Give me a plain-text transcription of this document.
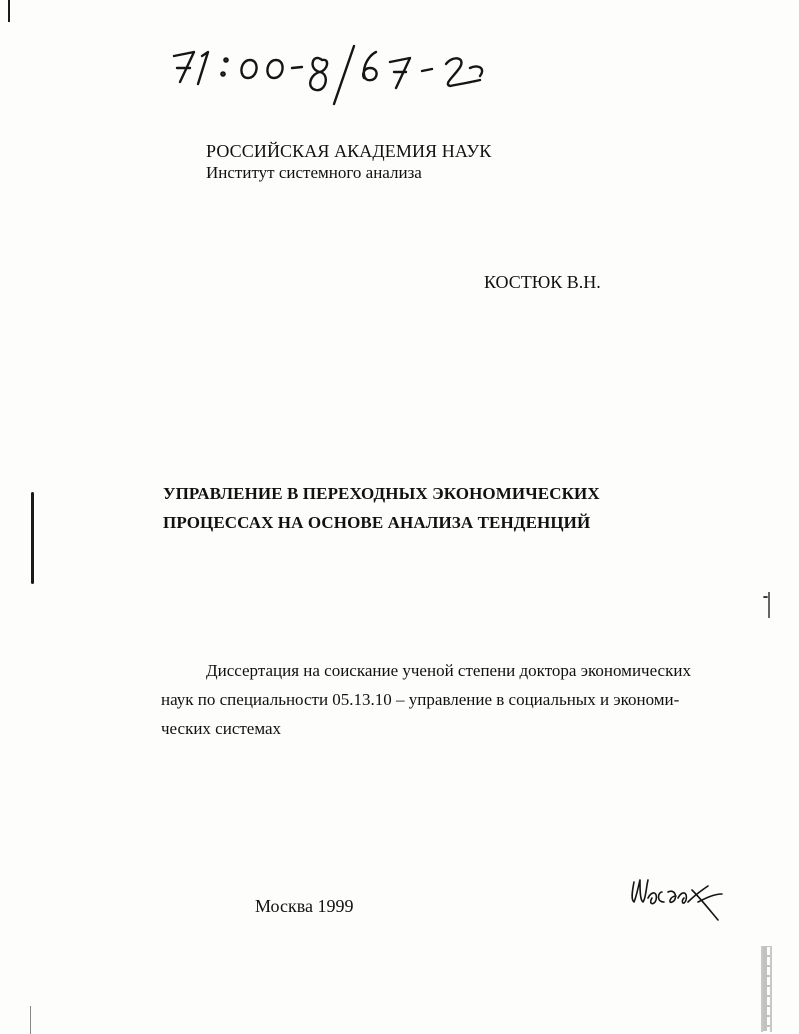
РОССИЙСКАЯ АКАДЕМИЯ НАУК
Институт системного анализа
КОСТЮК В.Н.
УПРАВЛЕНИЕ В ПЕРЕХОДНЫХ ЭКОНОМИЧЕСКИХ
ПРОЦЕССАХ НА ОСНОВЕ АНАЛИЗА ТЕНДЕНЦИЙ
Диссертация на соискание ученой степени доктора экономических
наук по специальности 05.13.10 – управление в социальных и экономи-
ческих системах
Москва 1999
